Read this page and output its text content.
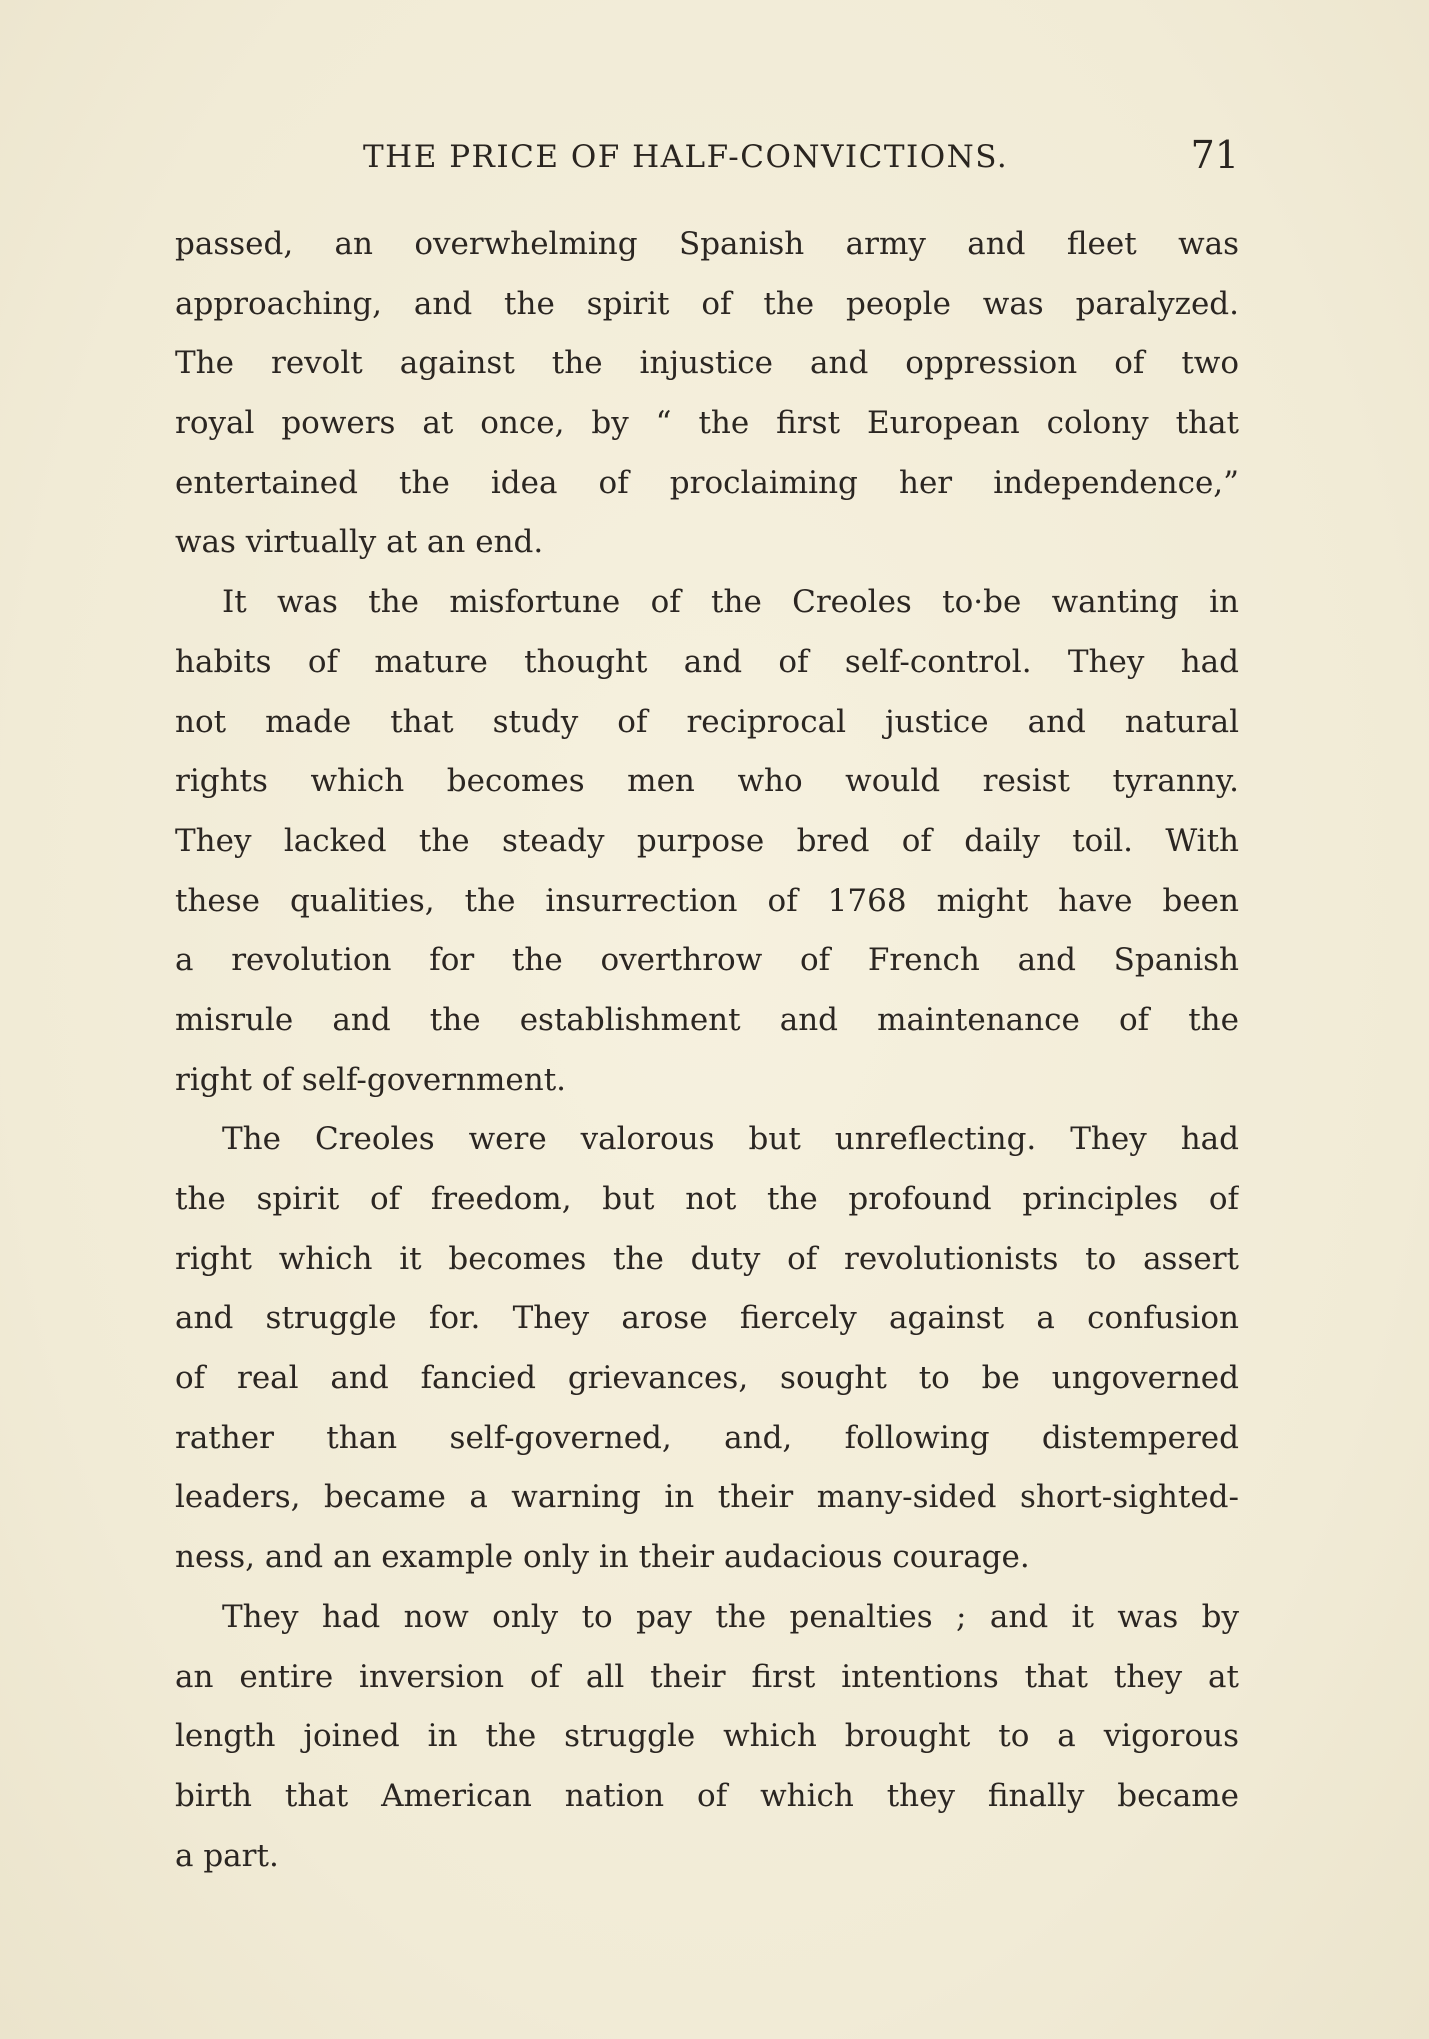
THE PRICE OF HALF-CONVICTIONS.	71
passed, an overwhelming Spanish army and fleet was
approaching, and the spirit of the people was paralyzed.
The revolt against the injustice and oppression of two
royal powers at once, by “ the first European colony that
entertained the idea of proclaiming her independence,”
was virtually at an end.
It was the misfortune of the Creoles to·be wanting in
habits of mature thought and of self-control. They had
not made that study of reciprocal justice and natural
rights which becomes men who would resist tyranny.
They lacked the steady purpose bred of daily toil. With
these qualities, the insurrection of 1768 might have been
a revolution for the overthrow of French and Spanish
misrule and the establishment and maintenance of the
right of self-government.
The Creoles were valorous but unreflecting. They had
the spirit of freedom, but not the profound principles of
right which it becomes the duty of revolutionists to assert
and struggle for. They arose fiercely against a confusion
of real and fancied grievances, sought to be ungoverned
rather than self-governed, and, following distempered
leaders, became a warning in their many-sided short-sighted-
ness, and an example only in their audacious courage.
They had now only to pay the penalties ; and it was by
an entire inversion of all their first intentions that they at
length joined in the struggle which brought to a vigorous
birth that American nation of which they finally became
a part.
